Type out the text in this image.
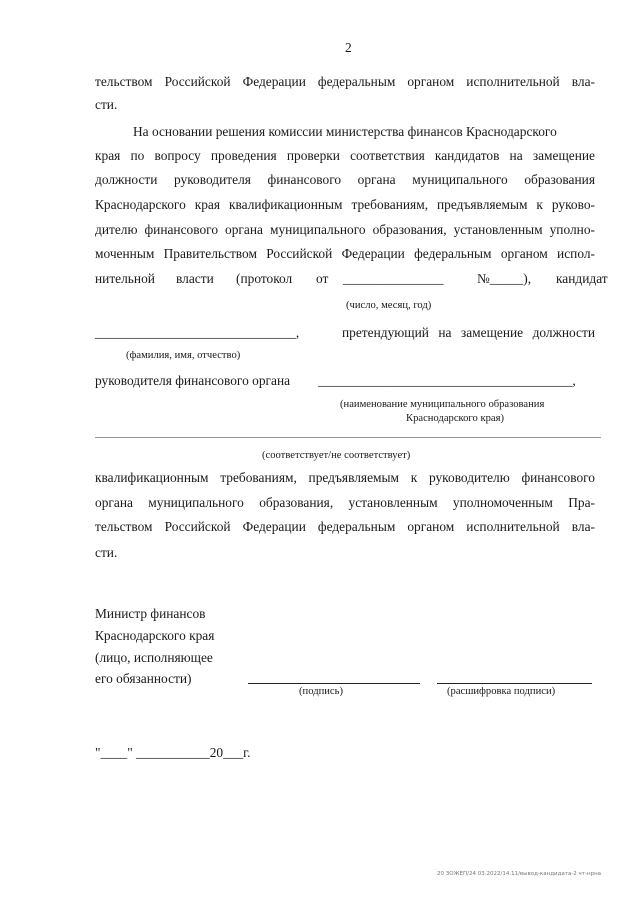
2
тельством Российской Федерации федеральным органом исполнительной вла-
сти.
На основании решения комиссии министерства финансов Краснодарского
края по вопросу проведения проверки соответствия кандидатов на замещение
должности руководителя финансового органа муниципального образования
Краснодарского края квалификационным требованиям, предъявляемым к руково-
дителю финансового органа муниципального образования, установленным уполно-
моченным Правительством Российской Федерации федеральным органом испол-
нительной власти (протокол от _______________	№_____), кандидат
(число, месяц, год)
______________________________,	претендующий на замещение должности
(фамилия, имя, отчество)
руководителя финансового органа ______________________________________,
(наименование муниципального образования
Краснодарского края)
(соответствует/не соответствует)
квалификационным требованиям, предъявляемым к руководителю финансового
органа муниципального образования, установленным уполномоченным Пра-
тельством Российской Федерации федеральным органом исполнительной вла-
сти.
Министр финансов
Краснодарского края
(лицо, исполняющее
его обязанности)
(подпись)	(расшифровка подписи)
"____" ___________20___г.
20 ЗОЖЕП/24 03.2022/14.11/вывод-кандидата-2 чт-нрна
